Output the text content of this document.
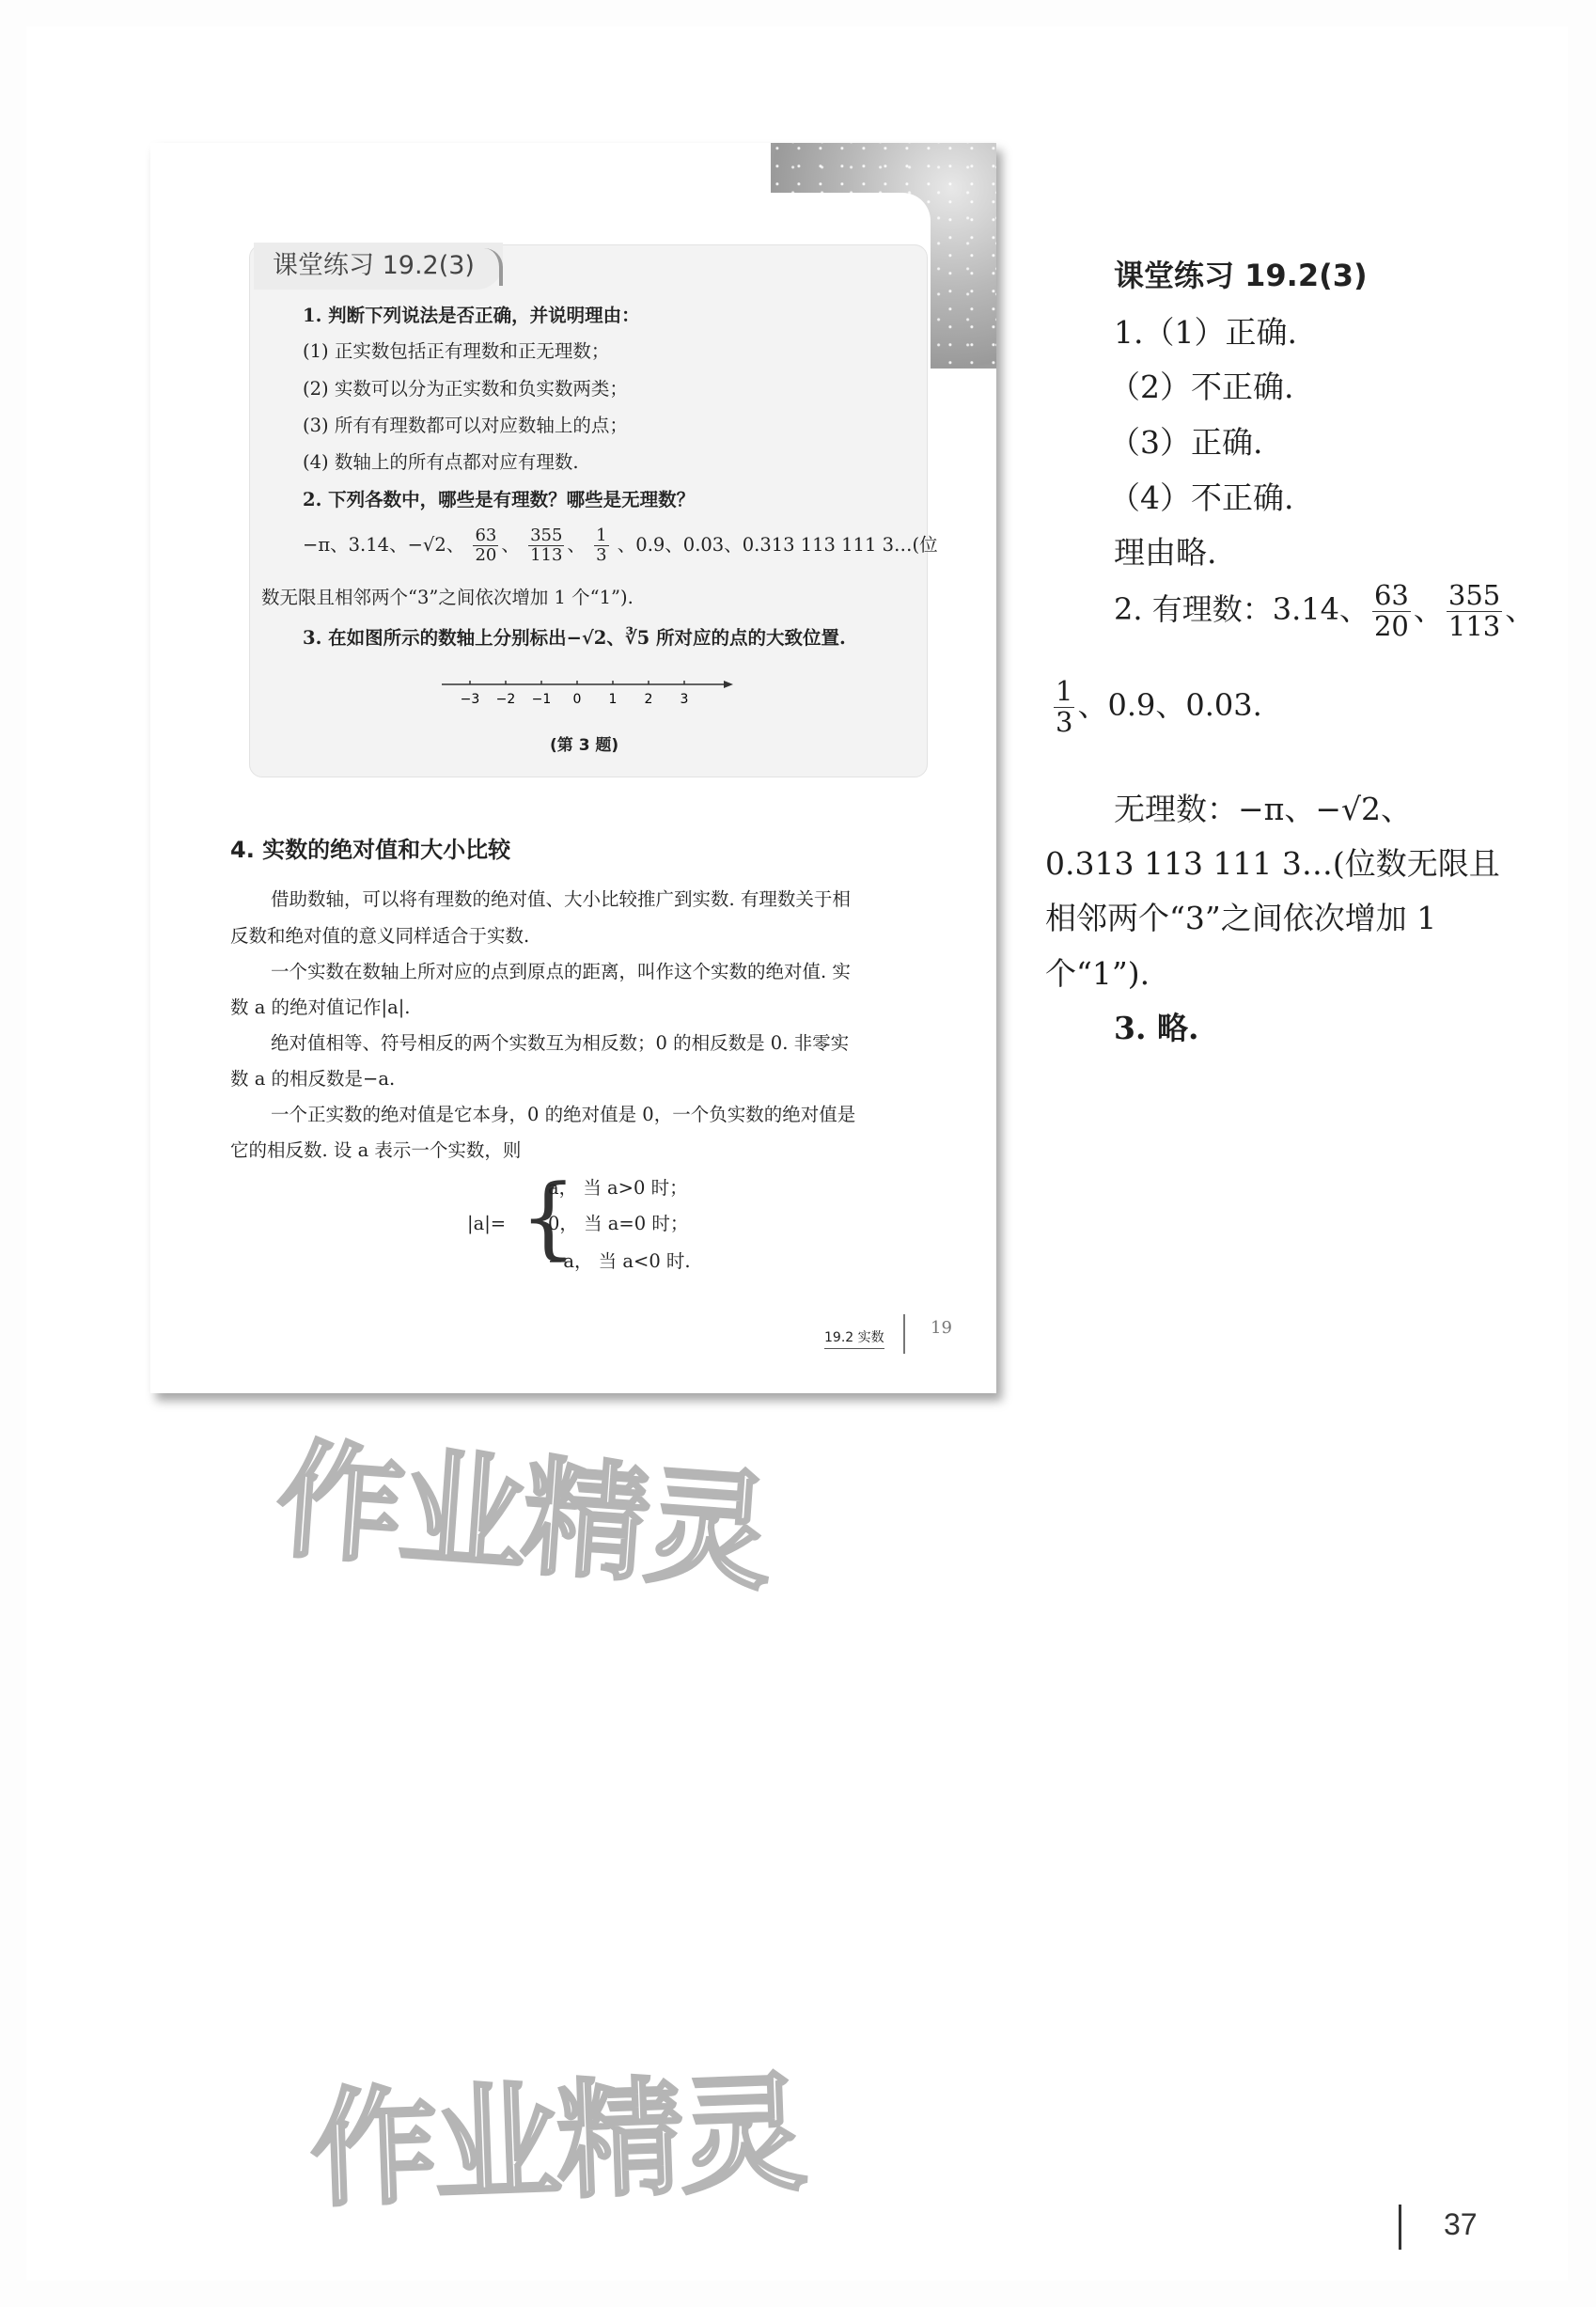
课堂练习 19.2(3)
1. 判断下列说法是否正确，并说明理由：
(1) 正实数包括正有理数和正无理数；
(2) 实数可以分为正实数和负实数两类；
(3) 所有有理数都可以对应数轴上的点；
(4) 数轴上的所有点都对应有理数.
2. 下列各数中，哪些是有理数？哪些是无理数？
−π、3.14、−√2、 $\frac{63}{20}$ 、 $\frac{355}{113}$ 、 $\frac{1}{3}$ 、0.9、0.03、0.313 113 111 3…(位
数无限且相邻两个“3”之间依次增加 1 个“1”).
3. 在如图所示的数轴上分别标出−√2、∛5 所对应的点的大致位置.
−3 −2 −1 0 1 2 3
(第 3 题)
4. 实数的绝对值和大小比较
借助数轴，可以将有理数的绝对值、大小比较推广到实数. 有理数关于相
反数和绝对值的意义同样适合于实数.
一个实数在数轴上所对应的点到原点的距离，叫作这个实数的绝对值. 实
数 a 的绝对值记作|a|.
绝对值相等、符号相反的两个实数互为相反数；0 的相反数是 0. 非零实
数 a 的相反数是−a.
一个正实数的绝对值是它本身，0 的绝对值是 0，一个负实数的绝对值是
它的相反数. 设 a 表示一个实数，则
|a|= {
a， 当 a>0 时；
0， 当 a=0 时；
−a， 当 a<0 时.
19.2 实数	19
课堂练习 19.2(3)
1.（1）正确.
（2）不正确.
（3）正确.
（4）不正确.
理由略.
2. 有理数：3.14、 $\frac{63}{20}$ 、 $\frac{355}{113}$ 、
$\frac{1}{3}$ 、0.9、0.03.
无理数：−π、−√2、
0.313 113 111 3…(位数无限且
相邻两个“3”之间依次增加 1
个“1”).
3. 略.
作业精灵
作业精灵	37
